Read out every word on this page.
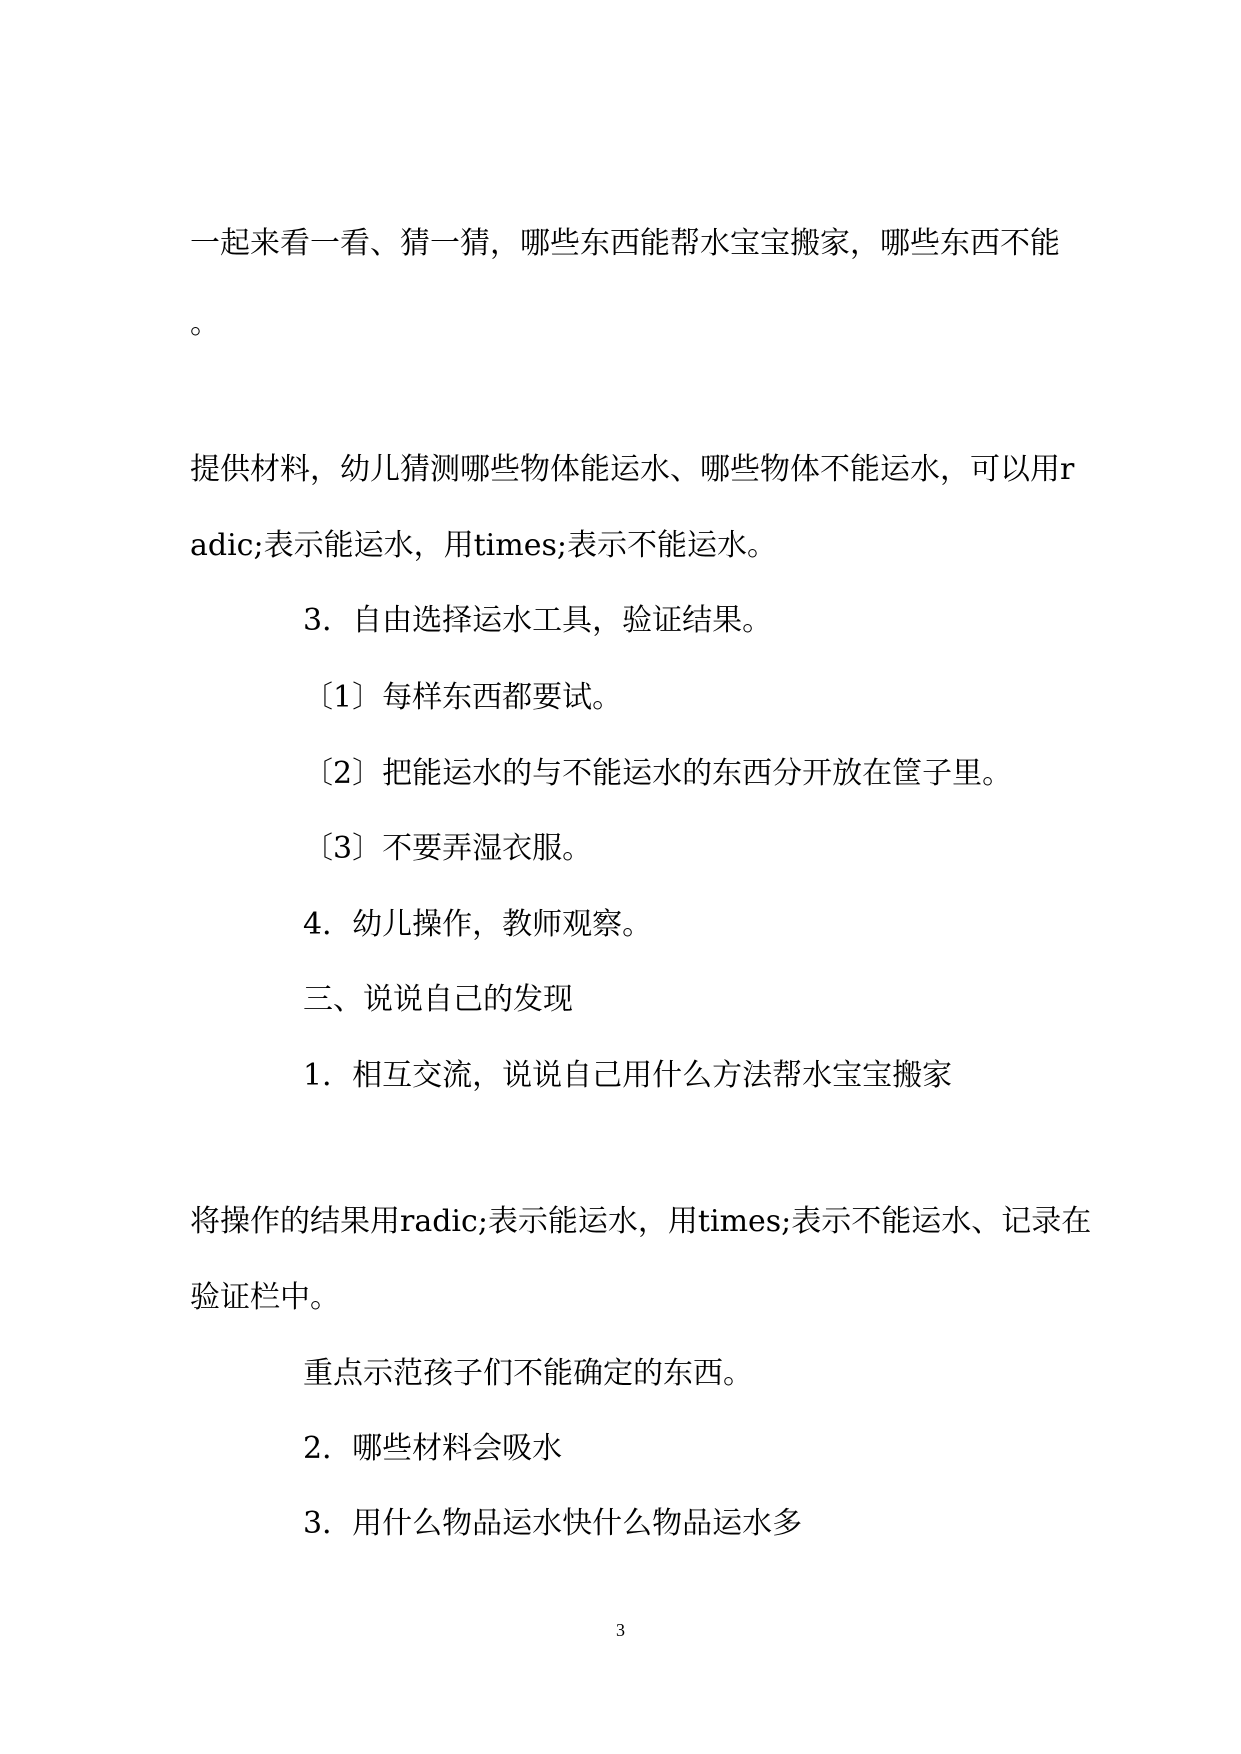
一起来看一看、猜一猜，哪些东西能帮水宝宝搬家，哪些东西不能

。

提供材料，幼儿猜测哪些物体能运水、哪些物体不能运水，可以用r

adic;表示能运水，用times;表示不能运水。

3．自由选择运水工具，验证结果。

〔1〕每样东西都要试。

〔2〕把能运水的与不能运水的东西分开放在筐子里。

〔3〕不要弄湿衣服。

4．幼儿操作，教师观察。

三、说说自己的发现

1．相互交流，说说自己用什么方法帮水宝宝搬家

将操作的结果用radic;表示能运水，用times;表示不能运水、记录在

验证栏中。

重点示范孩子们不能确定的东西。

2．哪些材料会吸水

3．用什么物品运水快什么物品运水多

3
